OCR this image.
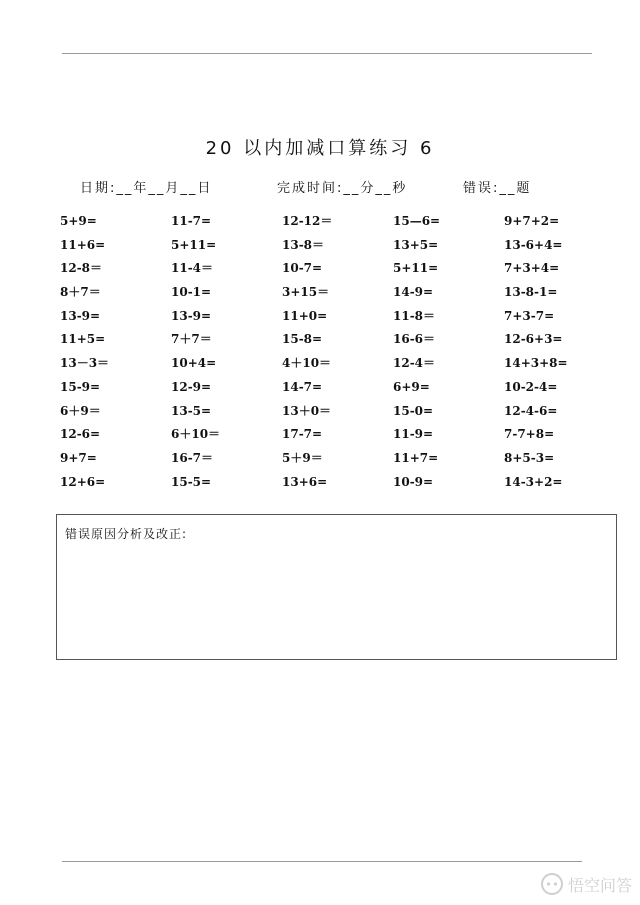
20 以内加减口算练习 6
日期:__年__月__日	完成时间:__分__秒	错误:__题
5+9=	11-7=	12-12＝	15—6=	9+7+2=
11+6=	5+11=	13-8＝	13+5=	13-6+4=
12-8＝	11-4＝	10-7=	5+11=	7+3+4=
8＋7＝	10-1=	3+15＝	14-9=	13-8-1=
13-9=	13-9=	11+0=	11-8＝	7+3-7=
11+5=	7＋7＝	15-8=	16-6＝	12-6+3=
13－3＝	10+4=	4＋10＝	12-4＝	14+3+8=
15-9=	12-9=	14-7=	6+9=	10-2-4=
6＋9＝	13-5=	13＋0＝	15-0=	12-4-6=
12-6=	6＋10＝	17-7=	11-9=	7-7+8=
9+7=	16-7＝	5＋9＝	11+7=	8+5-3=
12+6=	15-5=	13+6=	10-9=	14-3+2=
错误原因分析及改正:
悟空问答
